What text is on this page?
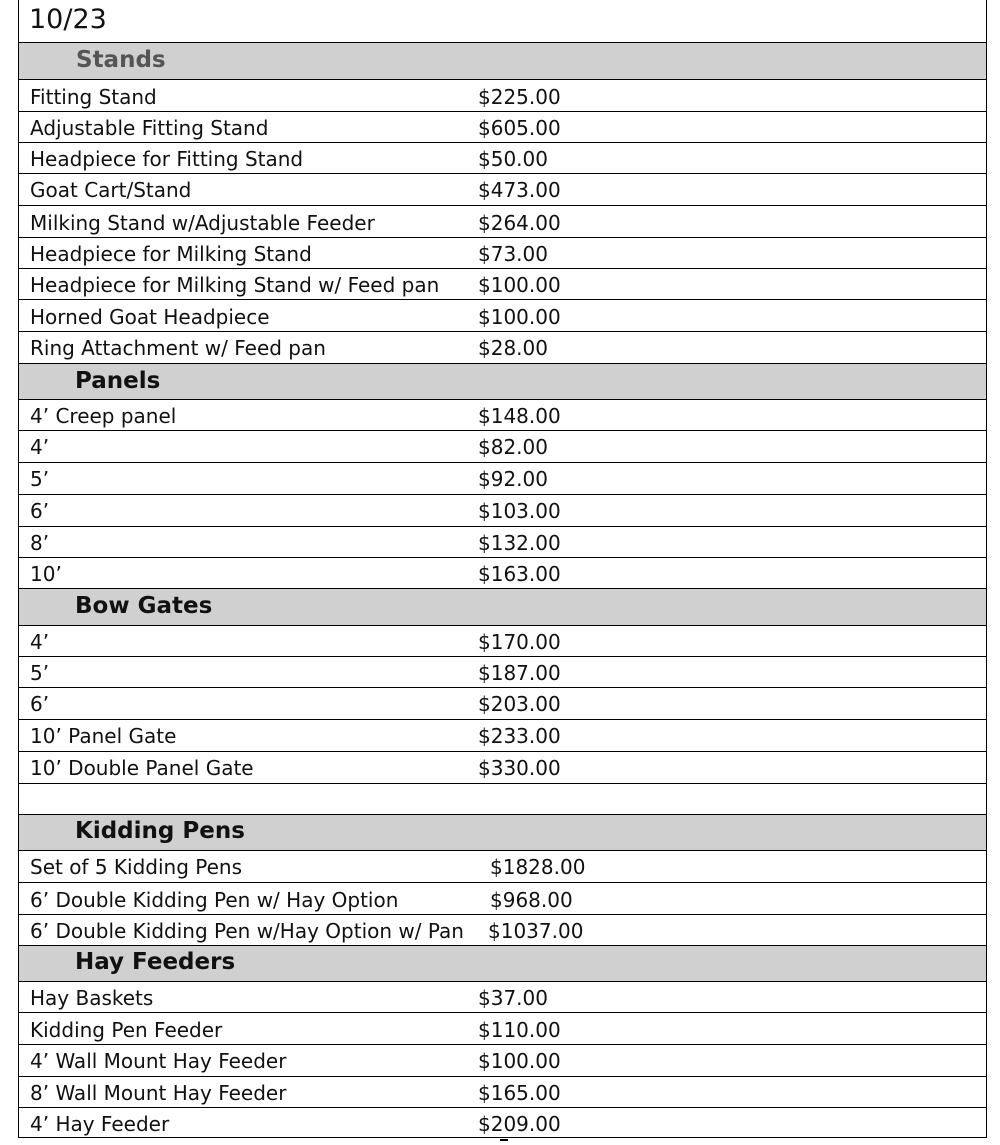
10/23
Stands
Fitting Stand	$225.00
Adjustable Fitting Stand	$605.00
Headpiece for Fitting Stand	$50.00
Goat Cart/Stand	$473.00
Milking Stand w/Adjustable Feeder	$264.00
Headpiece for Milking Stand	$73.00
Headpiece for Milking Stand w/ Feed pan $100.00
Horned Goat Headpiece	$100.00
Ring Attachment w/ Feed pan	$28.00
Panels
4’ Creep panel	$148.00
4’	$82.00
5’	$92.00
6’	$103.00
8’	$132.00
10’	$163.00
Bow Gates
4’	$170.00
5’	$187.00
6’	$203.00
10’ Panel Gate	$233.00
10’ Double Panel Gate	$330.00
Kidding Pens
Set of 5 Kidding Pens	$1828.00
6’ Double Kidding Pen w/ Hay Option	$968.00
6’ Double Kidding Pen w/Hay Option w/ Pan $1037.00
Hay Feeders
Hay Baskets	$37.00
Kidding Pen Feeder	$110.00
4’ Wall Mount Hay Feeder	$100.00
8’ Wall Mount Hay Feeder	$165.00
4’ Hay Feeder	$209.00
